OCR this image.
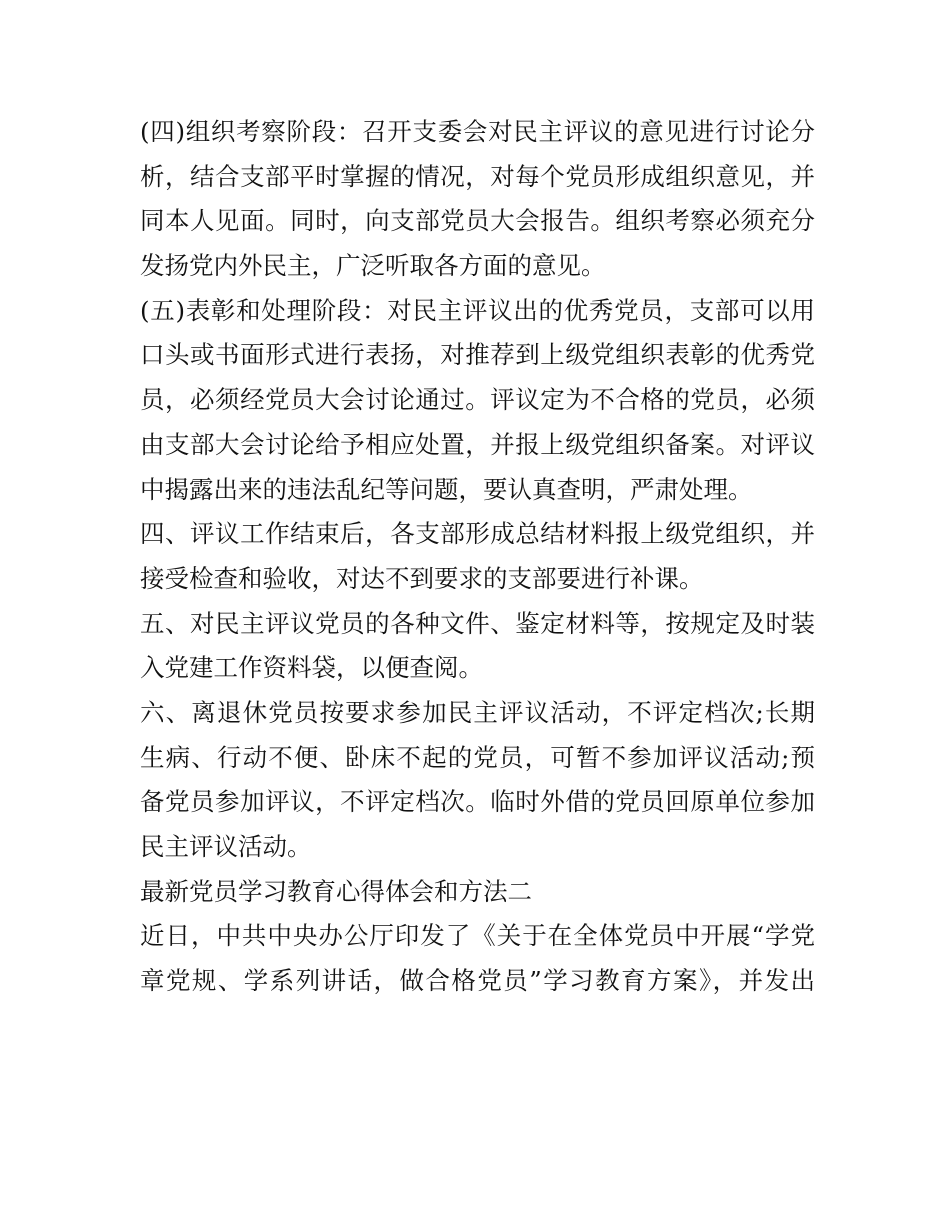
(四)组织考察阶段：召开支委会对民主评议的意见进行讨论分
析，结合支部平时掌握的情况，对每个党员形成组织意见，并
同本人见面。同时，向支部党员大会报告。组织考察必须充分
发扬党内外民主，广泛听取各方面的意见。
(五)表彰和处理阶段：对民主评议出的优秀党员，支部可以用
口头或书面形式进行表扬，对推荐到上级党组织表彰的优秀党
员，必须经党员大会讨论通过。评议定为不合格的党员，必须
由支部大会讨论给予相应处置，并报上级党组织备案。对评议
中揭露出来的违法乱纪等问题，要认真查明，严肃处理。
四、评议工作结束后，各支部形成总结材料报上级党组织，并
接受检查和验收，对达不到要求的支部要进行补课。
五、对民主评议党员的各种文件、鉴定材料等，按规定及时装
入党建工作资料袋，以便查阅。
六、离退休党员按要求参加民主评议活动，不评定档次;长期
生病、行动不便、卧床不起的党员，可暂不参加评议活动;预
备党员参加评议，不评定档次。临时外借的党员回原单位参加
民主评议活动。
最新党员学习教育心得体会和方法二
近日，中共中央办公厅印发了《关于在全体党员中开展“学党
章党规、学系列讲话，做合格党员”学习教育方案》，并发出
